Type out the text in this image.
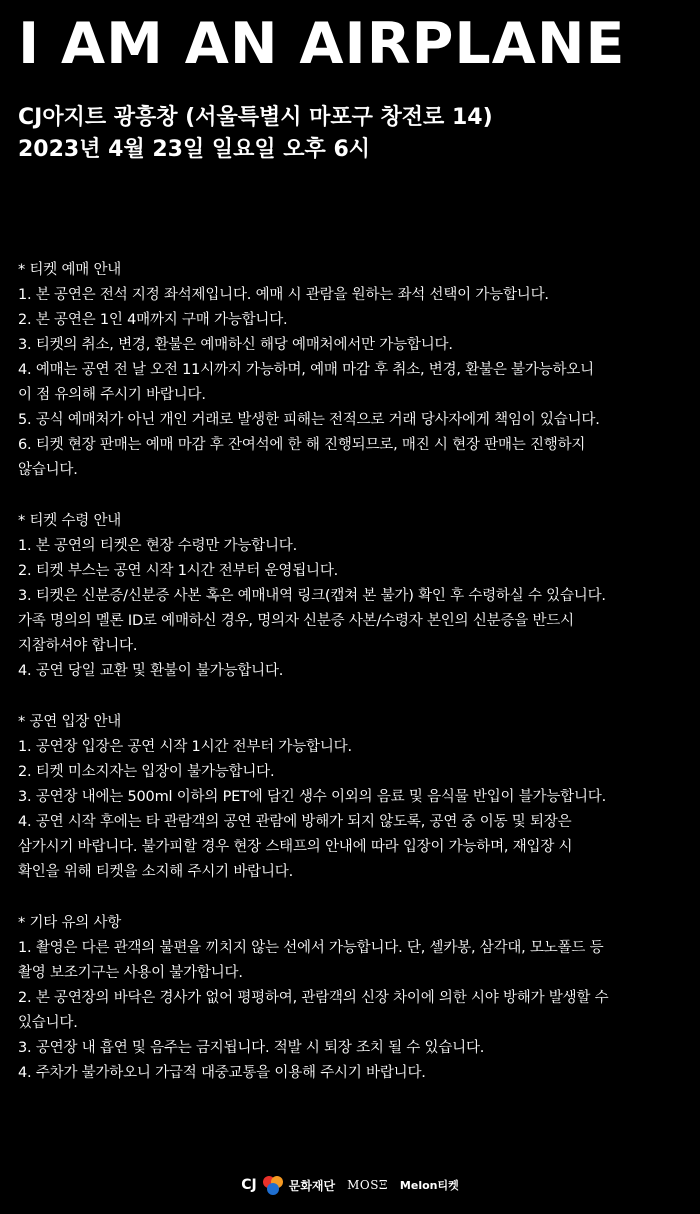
I AM AN AIRPLANE
CJ아지트 광흥창 (서울특별시 마포구 창전로 14)
2023년 4월 23일 일요일 오후 6시
* 티켓 예매 안내
1. 본 공연은 전석 지정 좌석제입니다. 예매 시 관람을 원하는 좌석 선택이 가능합니다.
2. 본 공연은 1인 4매까지 구매 가능합니다.
3. 티켓의 취소, 변경, 환불은 예매하신 해당 예매처에서만 가능합니다.
4. 예매는 공연 전 날 오전 11시까지 가능하며, 예매 마감 후 취소, 변경, 환불은 불가능하오니
이 점 유의해 주시기 바랍니다.
5. 공식 예매처가 아닌 개인 거래로 발생한 피해는 전적으로 거래 당사자에게 책임이 있습니다.
6. 티켓 현장 판매는 예매 마감 후 잔여석에 한 해 진행되므로, 매진 시 현장 판매는 진행하지
않습니다.
* 티켓 수령 안내
1. 본 공연의 티켓은 현장 수령만 가능합니다.
2. 티켓 부스는 공연 시작 1시간 전부터 운영됩니다.
3. 티켓은 신분증/신분증 사본 혹은 예매내역 링크(캡쳐 본 불가) 확인 후 수령하실 수 있습니다.
가족 명의의 멜론 ID로 예매하신 경우, 명의자 신분증 사본/수령자 본인의 신분증을 반드시
지참하셔야 합니다.
4. 공연 당일 교환 및 환불이 불가능합니다.
* 공연 입장 안내
1. 공연장 입장은 공연 시작 1시간 전부터 가능합니다.
2. 티켓 미소지자는 입장이 불가능합니다.
3. 공연장 내에는 500ml 이하의 PET에 담긴 생수 이외의 음료 및 음식물 반입이 블가능합니다.
4. 공연 시작 후에는 타 관람객의 공연 관람에 방해가 되지 않도록, 공연 중 이동 및 퇴장은
삼가시기 바랍니다. 불가피할 경우 현장 스태프의 안내에 따라 입장이 가능하며, 재입장 시
확인을 위해 티켓을 소지해 주시기 바랍니다.
* 기타 유의 사항
1. 촬영은 다른 관객의 불편을 끼치지 않는 선에서 가능합니다. 단, 셀카봉, 삼각대, 모노폴드 등
촬영 보조기구는 사용이 불가합니다.
2. 본 공연장의 바닥은 경사가 없어 평평하여, 관람객의 신장 차이에 의한 시야 방해가 발생할 수
있습니다.
3. 공연장 내 흡연 및 음주는 금지됩니다. 적발 시 퇴장 조치 될 수 있습니다.
4. 주차가 불가하오니 가급적 대중교통을 이용해 주시기 바랍니다.
CJ	문화재단 MOSΞ Melon티켓
